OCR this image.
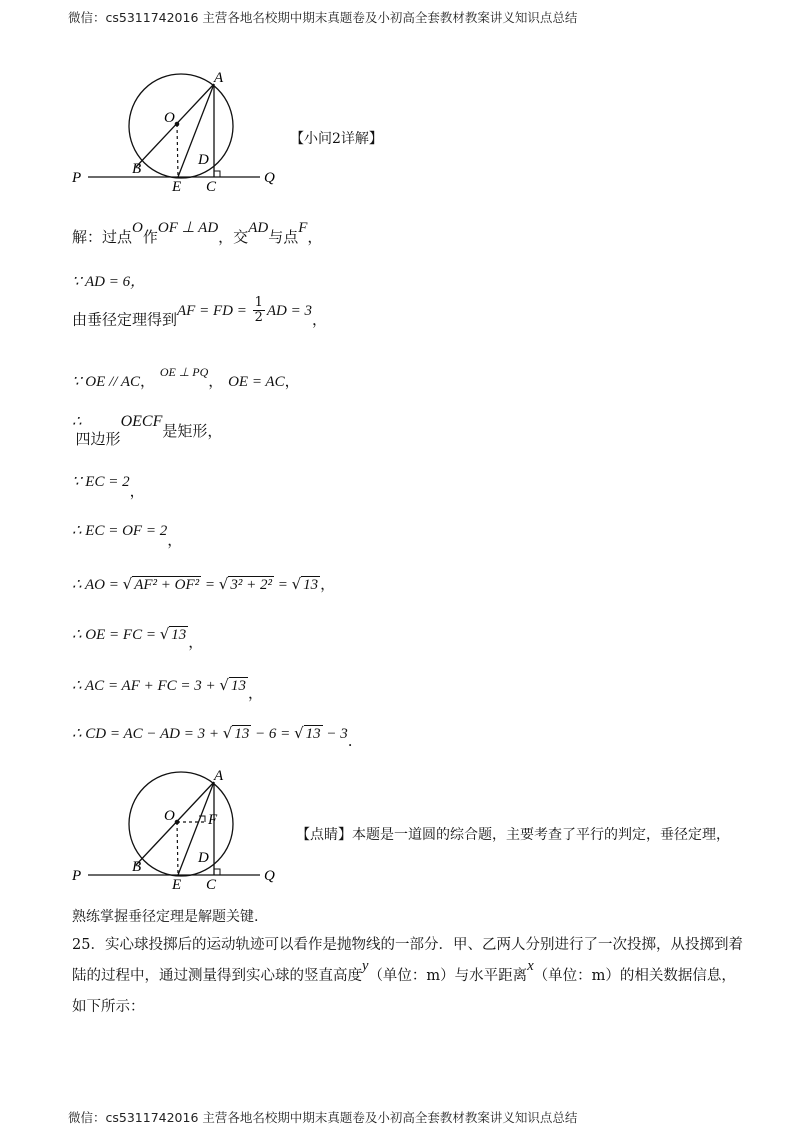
微信：cs5311742016 主营各地名校期中期末真题卷及小初高全套教材教案讲义知识点总结
A
O
B
D
E C
P	Q
【小问2详解】
解：过点O作OF ⊥ AD，交AD与点F，
∵ AD = 6，
由垂径定理得到AF = FD = $\frac{1}{2}$ AD = 3，
∵ OE // AC， $^{OE \perp PQ}$， OE = AC，
∴四边形OECF是矩形，
∵ EC = 2，
∴ EC = OF = 2，
∴ AO = √ AF² + OF² = √ 3² + 2² = √ 13 ，
∴ OE = FC = √ 13 ，
∴ AC = AF + FC = 3 + √ 13 ，
∴ CD = AC − AD = 3 + √ 13 − 6 = √ 13 − 3.
A
O F
B
D
E C
P	Q
【点睛】本题是一道圆的综合题，主要考查了平行的判定，垂径定理，
熟练掌握垂径定理是解题关键.
25．实心球投掷后的运动轨迹可以看作是抛物线的一部分．甲、乙两人分别进行了一次投掷，从投掷到着
陆的过程中，通过测量得到实心球的竖直高度y（单位：m）与水平距离x（单位：m）的相关数据信息，
如下所示：
微信：cs5311742016 主营各地名校期中期末真题卷及小初高全套教材教案讲义知识点总结
